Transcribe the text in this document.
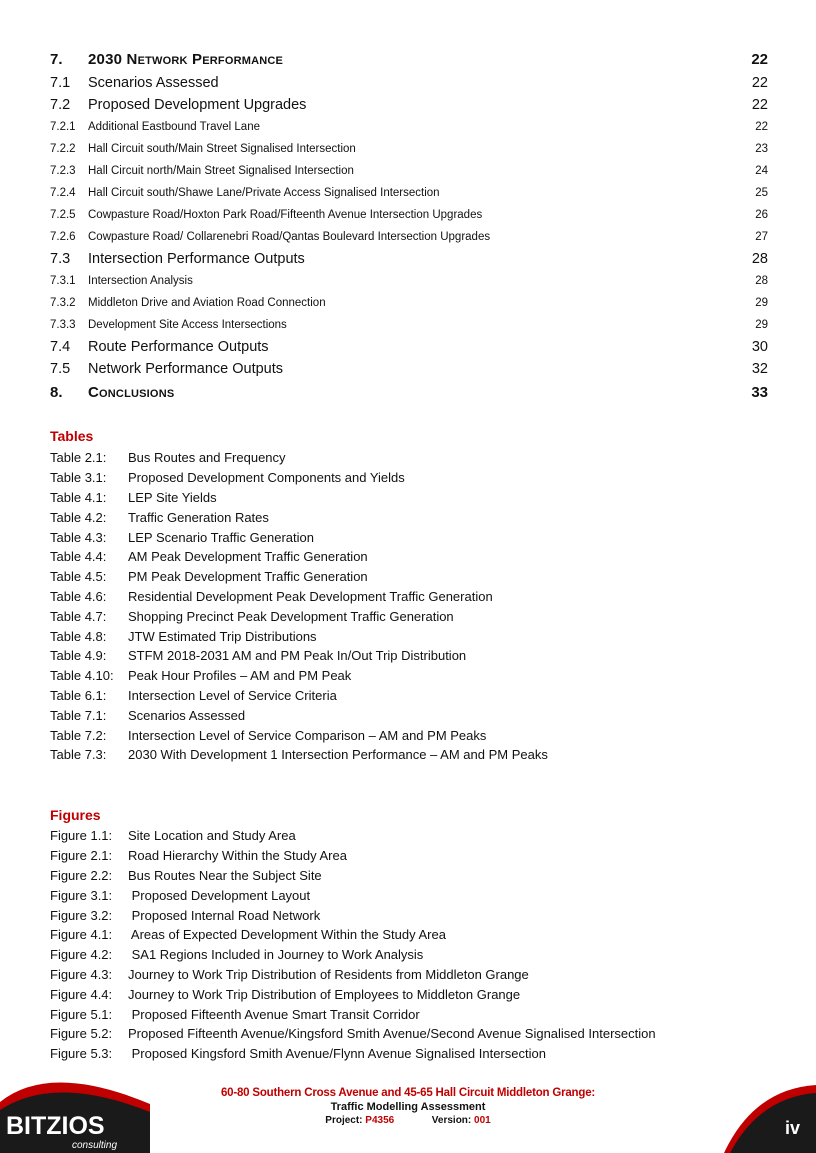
7.	2030 Network Performance	22
7.1	Scenarios Assessed	22
7.2	Proposed Development Upgrades	22
7.2.1	Additional Eastbound Travel Lane	22
7.2.2	Hall Circuit south/Main Street Signalised Intersection	23
7.2.3	Hall Circuit north/Main Street Signalised Intersection	24
7.2.4	Hall Circuit south/Shawe Lane/Private Access Signalised Intersection	25
7.2.5	Cowpasture Road/Hoxton Park Road/Fifteenth Avenue Intersection Upgrades	26
7.2.6	Cowpasture Road/ Collarenebri Road/Qantas Boulevard Intersection Upgrades	27
7.3	Intersection Performance Outputs	28
7.3.1	Intersection Analysis	28
7.3.2	Middleton Drive and Aviation Road Connection	29
7.3.3	Development Site Access Intersections	29
7.4	Route Performance Outputs	30
7.5	Network Performance Outputs	32
8.	Conclusions	33
Tables
Table 2.1:	Bus Routes and Frequency
Table 3.1:	Proposed Development Components and Yields
Table 4.1:	LEP Site Yields
Table 4.2:	Traffic Generation Rates
Table 4.3:	LEP Scenario Traffic Generation
Table 4.4:	AM Peak Development Traffic Generation
Table 4.5:	PM Peak Development Traffic Generation
Table 4.6:	Residential Development Peak Development Traffic Generation
Table 4.7:	Shopping Precinct Peak Development Traffic Generation
Table 4.8:	JTW Estimated Trip Distributions
Table 4.9:	STFM 2018-2031 AM and PM Peak In/Out Trip Distribution
Table 4.10:	Peak Hour Profiles – AM and PM Peak
Table 6.1:	Intersection Level of Service Criteria
Table 7.1:	Scenarios Assessed
Table 7.2:	Intersection Level of Service Comparison – AM and PM Peaks
Table 7.3:	2030 With Development 1 Intersection Performance – AM and PM Peaks
Figures
Figure 1.1:	Site Location and Study Area
Figure 2.1:	Road Hierarchy Within the Study Area
Figure 2.2:	Bus Routes Near the Subject Site
Figure 3.1:	Proposed Development Layout
Figure 3.2:	Proposed Internal Road Network
Figure 4.1:	Areas of Expected Development Within the Study Area
Figure 4.2:	SA1 Regions Included in Journey to Work Analysis
Figure 4.3:	Journey to Work Trip Distribution of Residents from Middleton Grange
Figure 4.4:	Journey to Work Trip Distribution of Employees to Middleton Grange
Figure 5.1:	Proposed Fifteenth Avenue Smart Transit Corridor
Figure 5.2:	Proposed Fifteenth Avenue/Kingsford Smith Avenue/Second Avenue Signalised Intersection
Figure 5.3:	Proposed Kingsford Smith Avenue/Flynn Avenue Signalised Intersection
BITZIOS
consulting
60-80 Southern Cross Avenue and 45-65 Hall Circuit Middleton Grange:
Traffic Modelling Assessment
Project: P4356	Version: 001	iv
